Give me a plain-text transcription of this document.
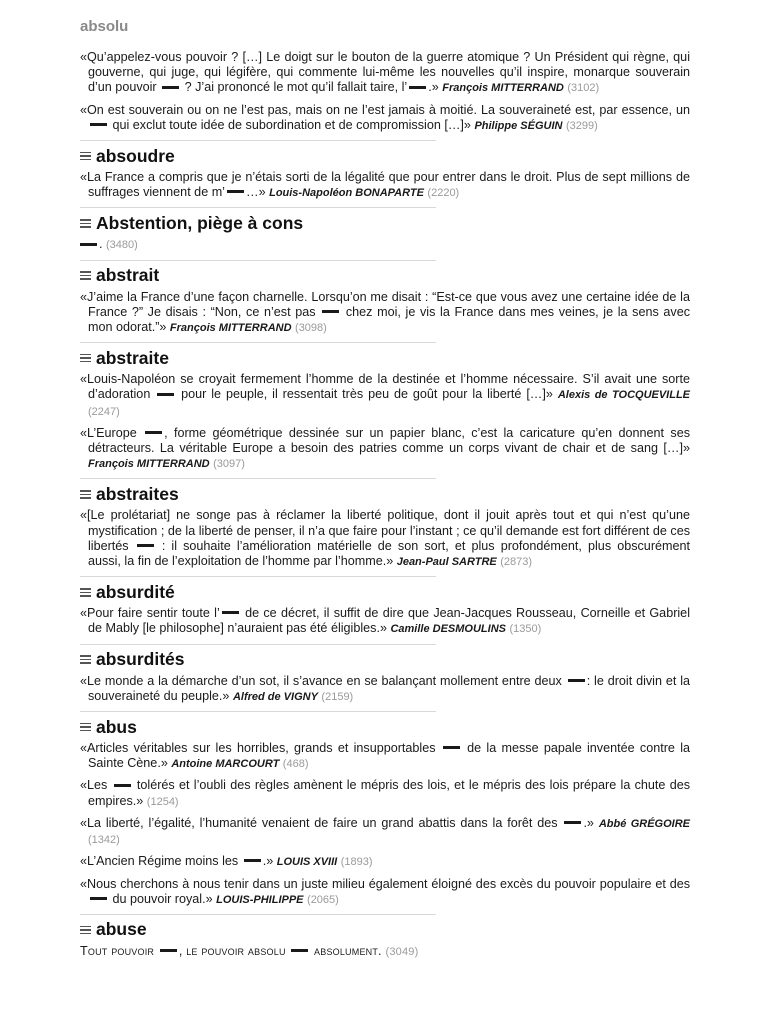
absolu

«Qu’appelez-vous pouvoir ? […] Le doigt sur le bouton de la guerre atomique ? Un Président qui règne, qui gouverne, qui juge, qui légifère, qui commente lui-même les nouvelles qu’il inspire, monarque souverain d’un pouvoir ? J’ai prononcé le mot qu’il fallait taire, l’ .» François MITTERRAND (3102)

«On est souverain ou on ne l’est pas, mais on ne l’est jamais à moitié. La souveraineté est, par essence, un  qui exclut toute idée de subordination et de compromission […]» Philippe SÉGUIN (3299)

absoudre

«La France a compris que je n’étais sorti de la légalité que pour entrer dans le droit. Plus de sept millions de suffrages viennent de m’ …» Louis-Napoléon BONAPARTE (2220)

Abstention, piège à cons

. (3480)

abstrait

«J’aime la France d’une façon charnelle. Lorsqu’on me disait : “Est-ce que vous avez une certaine idée de la France ?” Je disais : “Non, ce n’est pas chez moi, je vis la France dans mes veines, je la sens avec mon odorat.”» François MITTERRAND (3098)

abstraite

«Louis-Napoléon se croyait fermement l’homme de la destinée et l’homme nécessaire. S’il avait une sorte d’adoration pour le peuple, il ressentait très peu de goût pour la liberté […]» Alexis de TOCQUEVILLE (2247)

«L’Europe , forme géométrique dessinée sur un papier blanc, c’est la caricature qu’en donnent ses détracteurs. La véritable Europe a besoin des patries comme un corps vivant de chair et de sang […]» François MITTERRAND (3097)

abstraites

«[Le prolétariat] ne songe pas à réclamer la liberté politique, dont il jouit après tout et qui n’est qu’une mystification ; de la liberté de penser, il n’a que faire pour l’instant ; ce qu’il demande est fort différent de ces libertés	: il souhaite l’amélioration matérielle de son sort, et plus profondément, plus obscurément aussi, la fin de l’exploitation de l’homme par l’homme.» Jean-Paul SARTRE (2873)

absurdité

«Pour faire sentir toute l’ de ce décret, il suffit de dire que Jean-Jacques Rousseau, Corneille et Gabriel de Mably [le philosophe] n’auraient pas été éligibles.» Camille DESMOULINS (1350)

absurdités

«Le monde a la démarche d’un sot, il s’avance en se balançant mollement entre deux : le droit divin et la souveraineté du peuple.» Alfred de VIGNY (2159)

abus

«Articles véritables sur les horribles, grands et insupportables	de la messe papale inventée contre la Sainte Cène.» Antoine MARCOURT (468)

«Les tolérés et l’oubli des règles amènent le mépris des lois, et le mépris des lois prépare la chute des empires.» (1254)

«La liberté, l’égalité, l’humanité venaient de faire un grand abattis dans la forêt des .» Abbé GRÉGOIRE (1342)

«L’Ancien Régime moins les .» LOUIS XVIII (1893)

«Nous cherchons à nous tenir dans un juste milieu également éloigné des excès du pouvoir populaire et des  du pouvoir royal.» LOUIS-PHILIPPE (2065)

abuse

Tout pouvoir , le pouvoir absolu absolument. (3049)
